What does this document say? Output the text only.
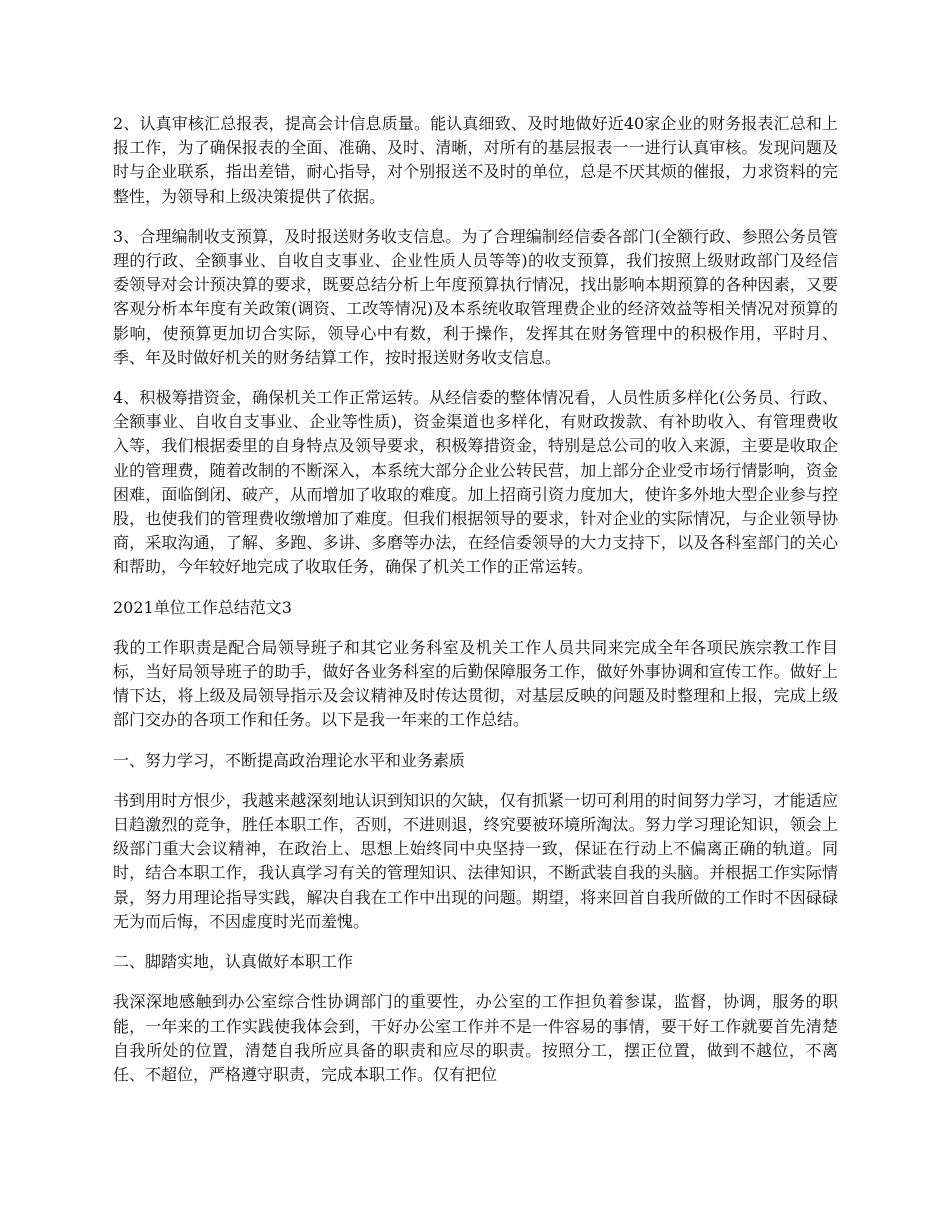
2、认真审核汇总报表，提高会计信息质量。能认真细致、及时地做好近40家企业的财务报表汇总和上报工作，为了确保报表的全面、准确、及时、清晰，对所有的基层报表一一进行认真审核。发现问题及时与企业联系，指出差错，耐心指导，对个别报送不及时的单位，总是不厌其烦的催报，力求资料的完整性，为领导和上级决策提供了依据。

3、合理编制收支预算，及时报送财务收支信息。为了合理编制经信委各部门(全额行政、参照公务员管理的行政、全额事业、自收自支事业、企业性质人员等等)的收支预算，我们按照上级财政部门及经信委领导对会计预决算的要求，既要总结分析上年度预算执行情况，找出影响本期预算的各种因素，又要客观分析本年度有关政策(调资、工改等情况)及本系统收取管理费企业的经济效益等相关情况对预算的影响，使预算更加切合实际，领导心中有数，利于操作，发挥其在财务管理中的积极作用，平时月、季、年及时做好机关的财务结算工作，按时报送财务收支信息。

4、积极筹措资金，确保机关工作正常运转。从经信委的整体情况看，人员性质多样化(公务员、行政、全额事业、自收自支事业、企业等性质)，资金渠道也多样化，有财政拨款、有补助收入、有管理费收入等，我们根据委里的自身特点及领导要求，积极筹措资金，特别是总公司的收入来源，主要是收取企业的管理费，随着改制的不断深入，本系统大部分企业公转民营，加上部分企业受市场行情影响，资金困难，面临倒闭、破产，从而增加了收取的难度。加上招商引资力度加大，使许多外地大型企业参与控股，也使我们的管理费收缴增加了难度。但我们根据领导的要求，针对企业的实际情况，与企业领导协商，采取沟通，了解、多跑、多讲、多磨等办法，在经信委领导的大力支持下，以及各科室部门的关心和帮助，今年较好地完成了收取任务，确保了机关工作的正常运转。

2021单位工作总结范文3

我的工作职责是配合局领导班子和其它业务科室及机关工作人员共同来完成全年各项民族宗教工作目标，当好局领导班子的助手，做好各业务科室的后勤保障服务工作，做好外事协调和宣传工作。做好上情下达，将上级及局领导指示及会议精神及时传达贯彻，对基层反映的问题及时整理和上报，完成上级部门交办的各项工作和任务。以下是我一年来的工作总结。

一、努力学习，不断提高政治理论水平和业务素质

书到用时方恨少，我越来越深刻地认识到知识的欠缺，仅有抓紧一切可利用的时间努力学习，才能适应日趋激烈的竞争，胜任本职工作，否则，不进则退，终究要被环境所淘汰。努力学习理论知识，领会上级部门重大会议精神，在政治上、思想上始终同中央坚持一致，保证在行动上不偏离正确的轨道。同时，结合本职工作，我认真学习有关的管理知识、法律知识，不断武装自我的头脑。并根据工作实际情景，努力用理论指导实践，解决自我在工作中出现的问题。期望，将来回首自我所做的工作时不因碌碌无为而后悔，不因虚度时光而羞愧。

二、脚踏实地，认真做好本职工作

我深深地感触到办公室综合性协调部门的重要性，办公室的工作担负着参谋，监督，协调，服务的职能，一年来的工作实践使我体会到，干好办公室工作并不是一件容易的事情，要干好工作就要首先清楚自我所处的位置，清楚自我所应具备的职责和应尽的职责。按照分工，摆正位置，做到不越位，不离任、不超位，严格遵守职责，完成本职工作。仅有把位
